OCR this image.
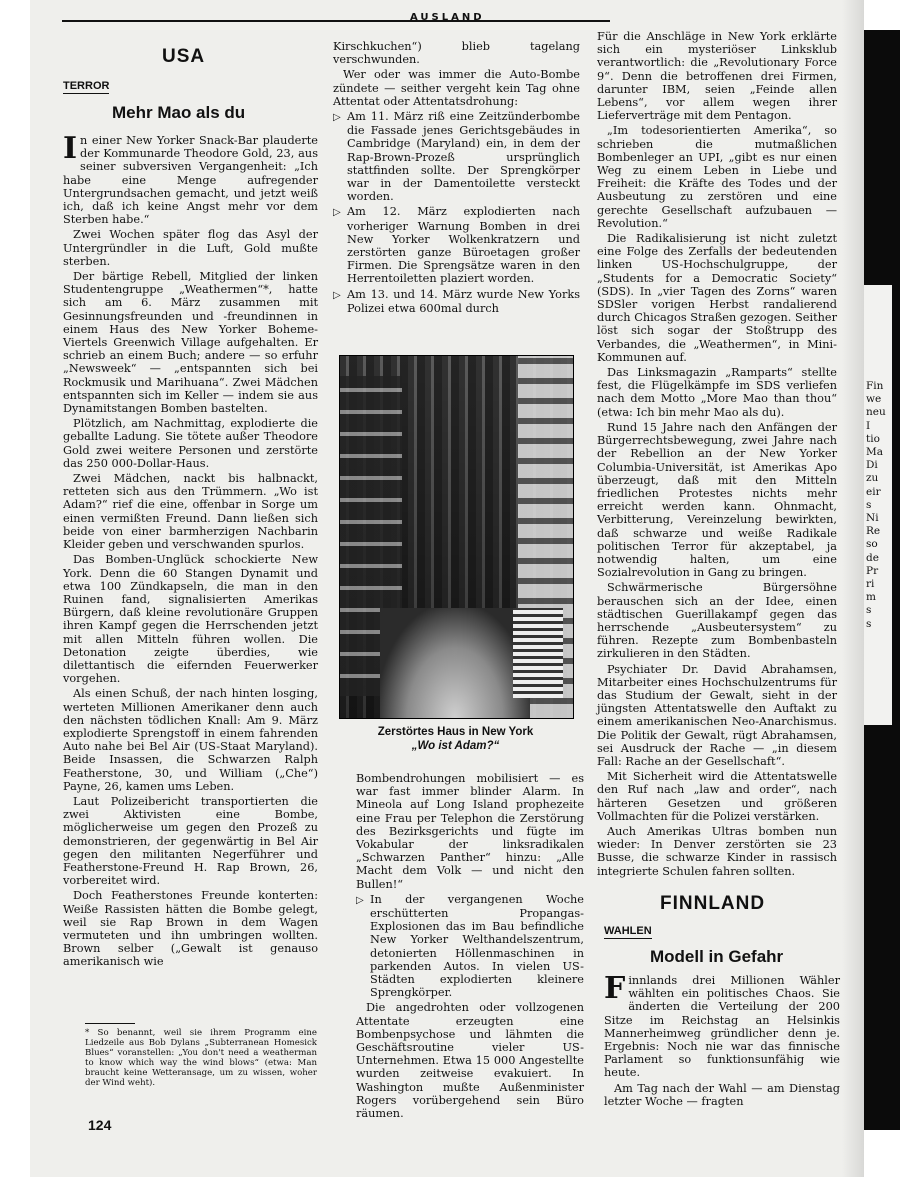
Fin
we
neu
I
tio
Ma
Di
zu
eir
s
Ni
Re
so
de
Pr
ri
m
s
s
AUSLAND
USA
TERROR
Mehr Mao als du

In einer New Yorker Snack-Bar plauderte der Kommunarde Theodore Gold, 23, aus seiner subversiven Vergangenheit: „Ich habe eine Menge aufregender Untergrundsachen gemacht, und jetzt weiß ich, daß ich keine Angst mehr vor dem Sterben habe.“

Zwei Wochen später flog das Asyl der Untergründler in die Luft, Gold mußte sterben.

Der bärtige Rebell, Mitglied der linken Studentengruppe „Weathermen“*, hatte sich am 6. März zusammen mit Gesinnungsfreunden und -freundinnen in einem Haus des New Yorker Boheme-Viertels Greenwich Village aufgehalten. Er schrieb an einem Buch; andere — so erfuhr „Newsweek“ — „entspannten sich bei Rockmusik und Marihuana“. Zwei Mädchen entspannten sich im Keller — indem sie aus Dynamitstangen Bomben bastelten.

Plötzlich, am Nachmittag, explodierte die geballte Ladung. Sie tötete außer Theodore Gold zwei weitere Personen und zerstörte das 250 000-Dollar-Haus.

Zwei Mädchen, nackt bis halbnackt, retteten sich aus den Trümmern. „Wo ist Adam?“ rief die eine, offenbar in Sorge um einen vermißten Freund. Dann ließen sich beide von einer barmherzigen Nachbarin Kleider geben und verschwanden spurlos.

Das Bomben-Unglück schockierte New York. Denn die 60 Stangen Dynamit und etwa 100 Zündkapseln, die man in den Ruinen fand, signalisierten Amerikas Bürgern, daß kleine revolutionäre Gruppen ihren Kampf gegen die Herrschenden jetzt mit allen Mitteln führen wollen. Die Detonation zeigte überdies, wie dilettantisch die eifernden Feuerwerker vorgehen.

Als einen Schuß, der nach hinten losging, werteten Millionen Amerikaner denn auch den nächsten tödlichen Knall: Am 9. März explodierte Sprengstoff in einem fahrenden Auto nahe bei Bel Air (US-Staat Maryland). Beide Insassen, die Schwarzen Ralph Featherstone, 30, und William („Che“) Payne, 26, kamen ums Leben.

Laut Polizeibericht transportierten die zwei Aktivisten eine Bombe, möglicherweise um gegen den Prozeß zu demonstrieren, der gegenwärtig in Bel Air gegen den militanten Negerführer und Featherstone-Freund H. Rap Brown, 26, vorbereitet wird.

Doch Featherstones Freunde konterten: Weiße Rassisten hätten die Bombe gelegt, weil sie Rap Brown in dem Wagen vermuteten und ihn umbringen wollten. Brown selber („Gewalt ist genauso amerikanisch wie

* So benannt, weil sie ihrem Programm eine Liedzeile aus Bob Dylans „Subterranean Homesick Blues“ voranstellen: „You don't need a weatherman to know which way the wind blows“ (etwa: Man braucht keine Wetteransage, um zu wissen, woher der Wind weht).
124

Kirschkuchen“) blieb tagelang verschwunden.

Wer oder was immer die Auto-Bombe zündete — seither vergeht kein Tag ohne Attentat oder Attentatsdrohung:

▷ Am 11. März riß eine Zeitzünderbombe die Fassade jenes Gerichtsgebäudes in Cambridge (Maryland) ein, in dem der Rap-Brown-Prozeß ursprünglich stattfinden sollte. Der Sprengkörper war in der Damentoilette versteckt worden.

▷ Am 12. März explodierten nach vorheriger Warnung Bomben in drei New Yorker Wolkenkratzern und zerstörten ganze Büroetagen großer Firmen. Die Sprengsätze waren in den Herrentoiletten plaziert worden.

▷ Am 13. und 14. März wurde New Yorks Polizei etwa 600mal durch

Zerstörtes Haus in New York
„Wo ist Adam?“

Bombendrohungen mobilisiert — es war fast immer blinder Alarm. In Mineola auf Long Island prophezeite eine Frau per Telephon die Zerstörung des Bezirksgerichts und fügte im Vokabular der linksradikalen „Schwarzen Panther“ hinzu: „Alle Macht dem Volk — und nicht den Bullen!“

▷ In der vergangenen Woche erschütterten Propangas-Explosionen das im Bau befindliche New Yorker Welthandelszentrum, detonierten Höllenmaschinen in parkenden Autos. In vielen US-Städten explodierten kleinere Sprengkörper.

Die angedrohten oder vollzogenen Attentate erzeugten eine Bombenpsychose und lähmten die Geschäftsroutine vieler US-Unternehmen. Etwa 15 000 Angestellte wurden zeitweise evakuiert. In Washington mußte Außenminister Rogers vorübergehend sein Büro räumen.

Für die Anschläge in New York erklärte sich ein mysteriöser Linksklub verantwortlich: die „Revolutionary Force 9“. Denn die betroffenen drei Firmen, darunter IBM, seien „Feinde allen Lebens“, vor allem wegen ihrer Lieferverträge mit dem Pentagon.

„Im todesorientierten Amerika“, so schrieben die mutmaßlichen Bombenleger an UPI, „gibt es nur einen Weg zu einem Leben in Liebe und Freiheit: die Kräfte des Todes und der Ausbeutung zu zerstören und eine gerechte Gesellschaft aufzubauen — Revolution.“

Die Radikalisierung ist nicht zuletzt eine Folge des Zerfalls der bedeutenden linken US-Hochschulgruppe, der „Students for a Democratic Society“ (SDS). In „vier Tagen des Zorns“ waren SDSler vorigen Herbst randalierend durch Chicagos Straßen gezogen. Seither löst sich sogar der Stoßtrupp des Verbandes, die „Weathermen“, in Mini-Kommunen auf.

Das Linksmagazin „Ramparts“ stellte fest, die Flügelkämpfe im SDS verliefen nach dem Motto „More Mao than thou“ (etwa: Ich bin mehr Mao als du).

Rund 15 Jahre nach den Anfängen der Bürgerrechtsbewegung, zwei Jahre nach der Rebellion an der New Yorker Columbia-Universität, ist Amerikas Apo überzeugt, daß mit den Mitteln friedlichen Protestes nichts mehr erreicht werden kann. Ohnmacht, Verbitterung, Vereinzelung bewirkten, daß schwarze und weiße Radikale politischen Terror für akzeptabel, ja notwendig halten, um eine Sozialrevolution in Gang zu bringen.

Schwärmerische Bürgersöhne berauschen sich an der Idee, einen städtischen Guerillakampf gegen das herrschende „Ausbeutersystem“ zu führen. Rezepte zum Bombenbasteln zirkulieren in den Städten.

Psychiater Dr. David Abrahamsen, Mitarbeiter eines Hochschulzentrums für das Studium der Gewalt, sieht in der jüngsten Attentatswelle den Auftakt zu einem amerikanischen Neo-Anarchismus. Die Politik der Gewalt, rügt Abrahamsen, sei Ausdruck der Rache — „in diesem Fall: Rache an der Gesellschaft“.

Mit Sicherheit wird die Attentatswelle den Ruf nach „law and order“, nach härteren Gesetzen und größeren Vollmachten für die Polizei verstärken.

Auch Amerikas Ultras bomben nun wieder: In Denver zerstörten sie 23 Busse, die schwarze Kinder in rassisch integrierte Schulen fahren sollten.

FINNLAND
WAHLEN
Modell in Gefahr

Finnlands drei Millionen Wähler wählten ein politisches Chaos. Sie änderten die Verteilung der 200 Sitze im Reichstag an Helsinkis Mannerheimweg gründlicher denn je. Ergebnis: Noch nie war das finnische Parlament so funktionsunfähig wie heute.

Am Tag nach der Wahl — am Dienstag letzter Woche — fragten
